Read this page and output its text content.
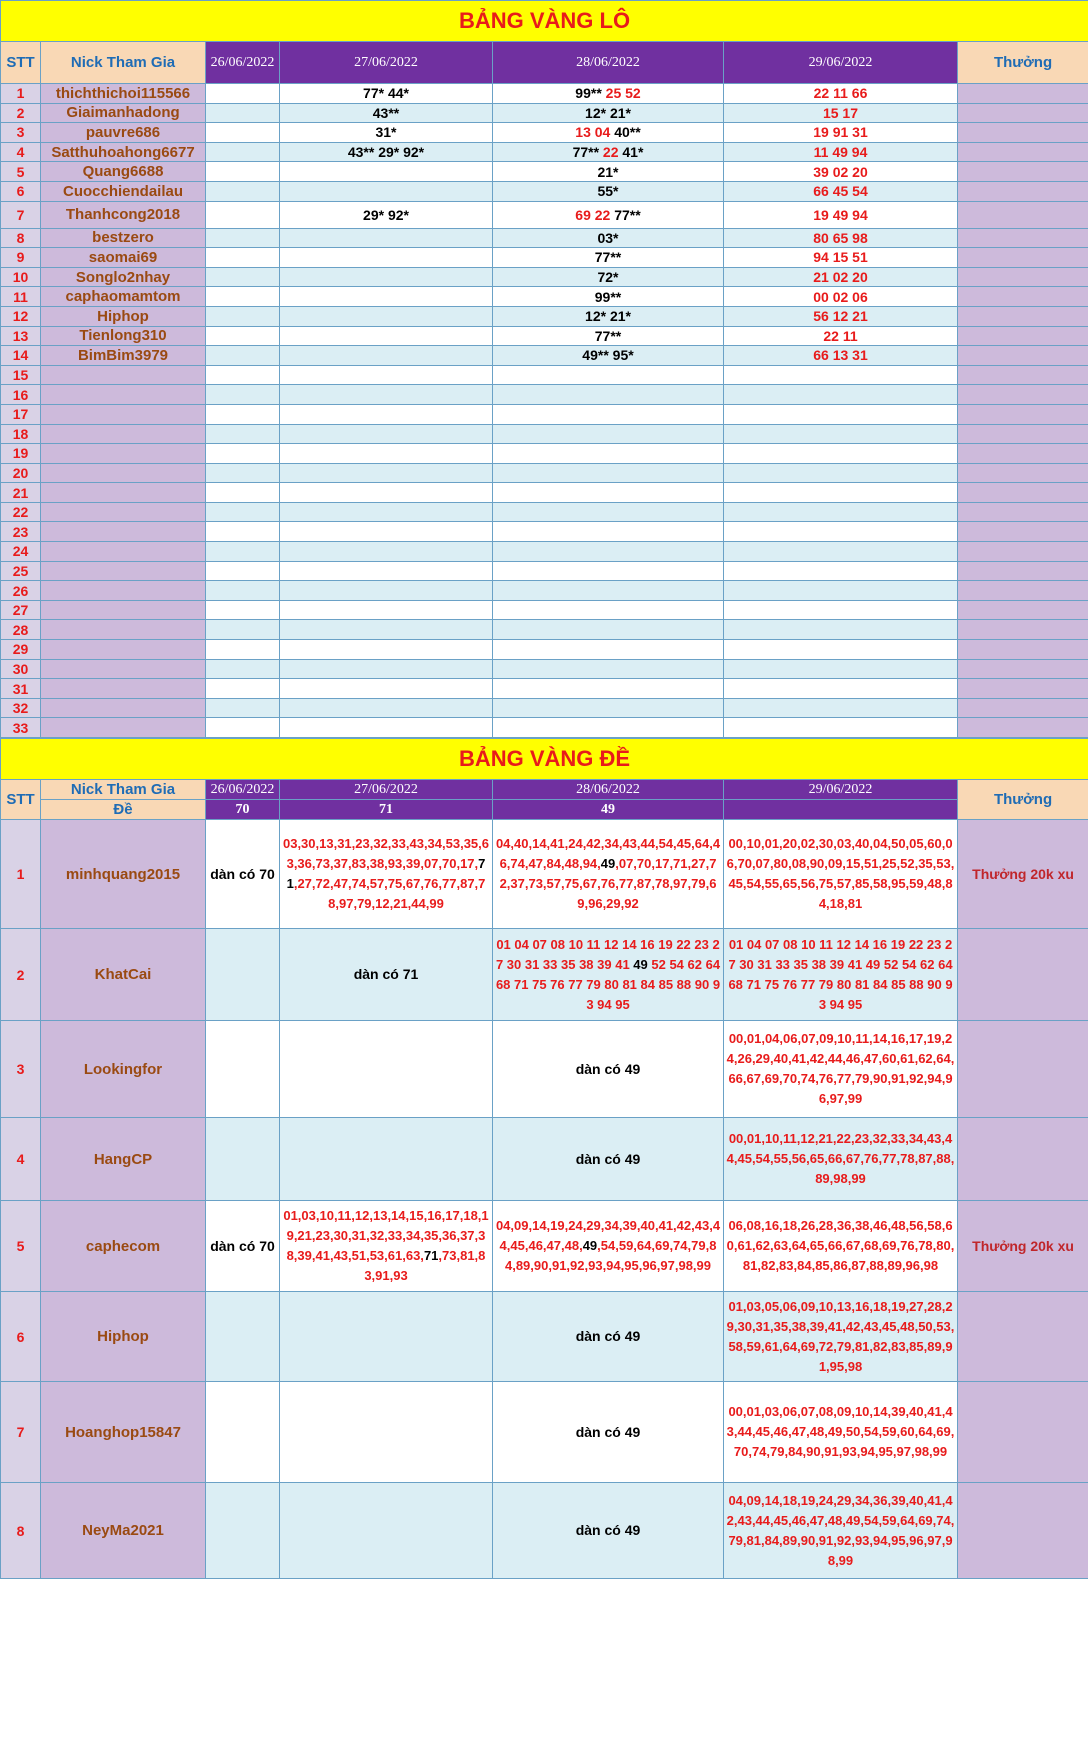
BẢNG VÀNG LÔ						
STT	Nick Tham Gia	26/06/2022	27/06/2022	28/06/2022	29/06/2022	Thưởng
1	thichthichoi115566		77* 44*	99** 25 52	22 11 66	
2	Giaimanhadong		43**	12* 21*	15 17	
3	pauvre686		31*	13 04 40**	19 91 31	
4	Satthuhoahong6677		43** 29* 92*	77** 22 41*	11 49 94	
5	Quang6688			21*	39 02 20	
6	Cuocchiendailau			55*	66 45 54	
7	Thanhcong2018		29* 92*	69 22 77**	19 49 94	
8	bestzero			03*	80 65 98	
9	saomai69			77**	94 15 51	
10	Songlo2nhay			72*	21 02 20	
11	caphaomamtom			99**	00 02 06	
12	Hiphop			12* 21*	56 12 21	
13	Tienlong310			77**	22 11	
14	BimBim3979			49** 95*	66 13 31	
15						
16						
17						
18						
19						
20						
21						
22						
23						
24						
25						
26						
27						
28						
29						
30						
31						
32						
33						
BẢNG VÀNG ĐỀ						
STT	Nick Tham Gia	26/06/2022	27/06/2022	28/06/2022	29/06/2022	Thưởng
	Đề	70	71	49		
1	minhquang2015	dàn có 70	03,30,13,31,23,32,33,43,34,53,35,63,36,73,37,83,38,93,39,07,70,17,71,27,72,47,74,57,75,67,76,77,87,78,97,79,12,21,44,99	04,40,14,41,24,42,34,43,44,54,45,64,46,74,47,84,48,94,49,07,70,17,71,27,72,37,73,57,75,67,76,77,87,78,97,79,69,96,29,92	00,10,01,20,02,30,03,40,04,50,05,60,06,70,07,80,08,90,09,15,51,25,52,35,53,45,54,55,65,56,75,57,85,58,95,59,48,84,18,81	Thưởng 20k xu
2	KhatCai		dàn có 71	01 04 07 08 10 11 12 14 16 19 22 23 27 30 31 33 35 38 39 41 49 52 54 62 64 68 71 75 76 77 79 80 81 84 85 88 90 93 94 95	01 04 07 08 10 11 12 14 16 19 22 23 27 30 31 33 35 38 39 41 49 52 54 62 64 68 71 75 76 77 79 80 81 84 85 88 90 93 94 95	
3	Lookingfor			dàn có 49	00,01,04,06,07,09,10,11,14,16,17,19,24,26,29,40,41,42,44,46,47,60,61,62,64,66,67,69,70,74,76,77,79,90,91,92,94,96,97,99	
4	HangCP			dàn có 49	00,01,10,11,12,21,22,23,32,33,34,43,44,45,54,55,56,65,66,67,76,77,78,87,88,89,98,99	
5	caphecom	dàn có 70	01,03,10,11,12,13,14,15,16,17,18,19,21,23,30,31,32,33,34,35,36,37,38,39,41,43,51,53,61,63,71,73,81,83,91,93	04,09,14,19,24,29,34,39,40,41,42,43,44,45,46,47,48,49,54,59,64,69,74,79,84,89,90,91,92,93,94,95,96,97,98,99	06,08,16,18,26,28,36,38,46,48,56,58,60,61,62,63,64,65,66,67,68,69,76,78,80,81,82,83,84,85,86,87,88,89,96,98	Thưởng 20k xu
6	Hiphop			dàn có 49	01,03,05,06,09,10,13,16,18,19,27,28,29,30,31,35,38,39,41,42,43,45,48,50,53,58,59,61,64,69,72,79,81,82,83,85,89,91,95,98	
7	Hoanghop15847			dàn có 49	00,01,03,06,07,08,09,10,14,39,40,41,43,44,45,46,47,48,49,50,54,59,60,64,69,70,74,79,84,90,91,93,94,95,97,98,99	
8	NeyMa2021			dàn có 49	04,09,14,18,19,24,29,34,36,39,40,41,42,43,44,45,46,47,48,49,54,59,64,69,74,79,81,84,89,90,91,92,93,94,95,96,97,98,99	
